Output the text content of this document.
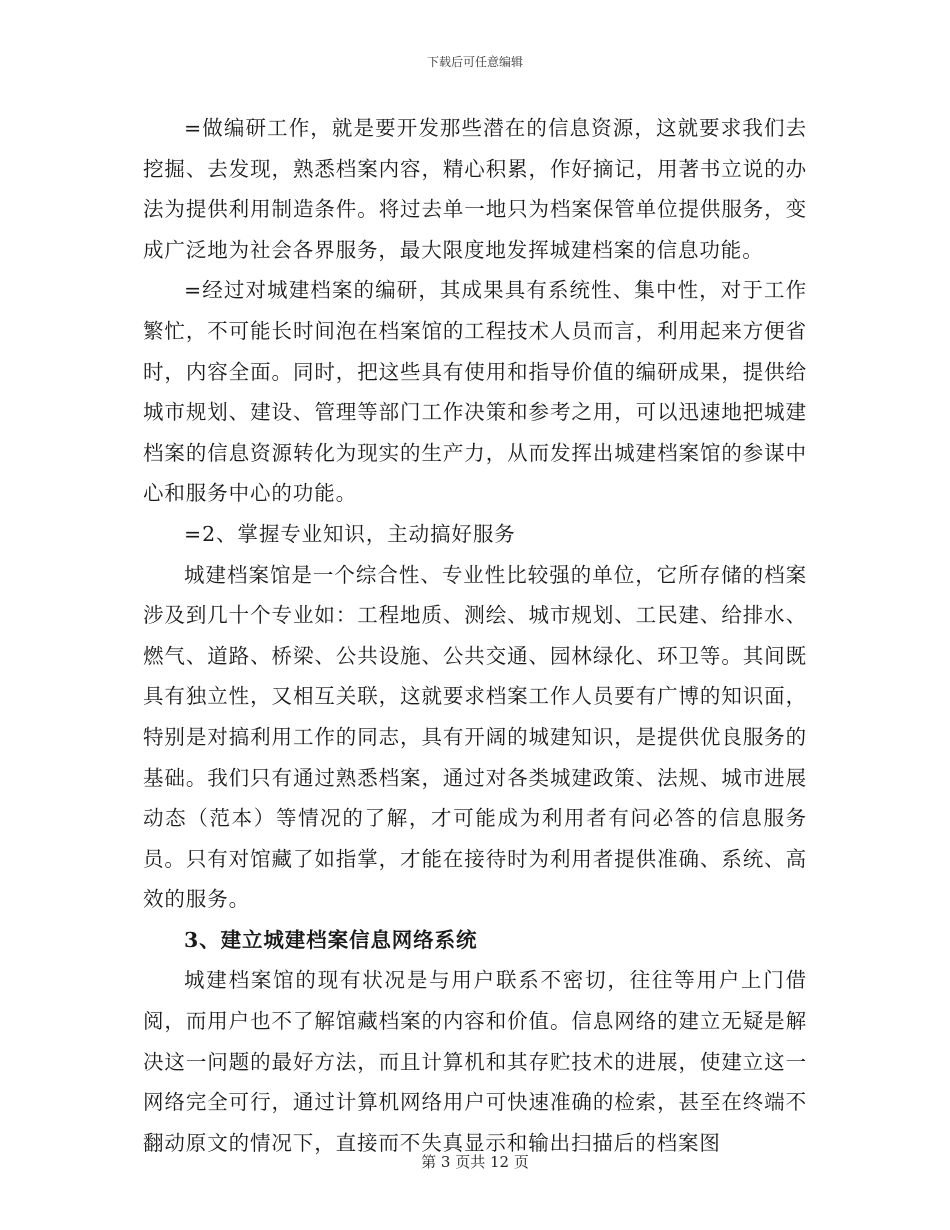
下载后可任意编辑

=做编研工作，就是要开发那些潜在的信息资源，这就要求我们去挖掘、去发现，熟悉档案内容，精心积累，作好摘记，用著书立说的办法为提供利用制造条件。将过去单一地只为档案保管单位提供服务，变成广泛地为社会各界服务，最大限度地发挥城建档案的信息功能。

=经过对城建档案的编研，其成果具有系统性、集中性，对于工作繁忙，不可能长时间泡在档案馆的工程技术人员而言，利用起来方便省时，内容全面。同时，把这些具有使用和指导价值的编研成果，提供给城市规划、建设、管理等部门工作决策和参考之用，可以迅速地把城建档案的信息资源转化为现实的生产力，从而发挥出城建档案馆的参谋中心和服务中心的功能。

=2、掌握专业知识，主动搞好服务

城建档案馆是一个综合性、专业性比较强的单位，它所存储的档案涉及到几十个专业如：工程地质、测绘、城市规划、工民建、给排水、燃气、道路、桥梁、公共设施、公共交通、园林绿化、环卫等。其间既具有独立性，又相互关联，这就要求档案工作人员要有广博的知识面，特别是对搞利用工作的同志，具有开阔的城建知识，是提供优良服务的基础。我们只有通过熟悉档案，通过对各类城建政策、法规、城市进展动态（范本）等情况的了解，才可能成为利用者有问必答的信息服务员。只有对馆藏了如指掌，才能在接待时为利用者提供准确、系统、高效的服务。

3、建立城建档案信息网络系统

城建档案馆的现有状况是与用户联系不密切，往往等用户上门借阅，而用户也不了解馆藏档案的内容和价值。信息网络的建立无疑是解决这一问题的最好方法，而且计算机和其存贮技术的进展，使建立这一网络完全可行，通过计算机网络用户可快速准确的检索，甚至在终端不翻动原文的情况下，直接而不失真显示和输出扫描后的档案图

第 3 页共 12 页
